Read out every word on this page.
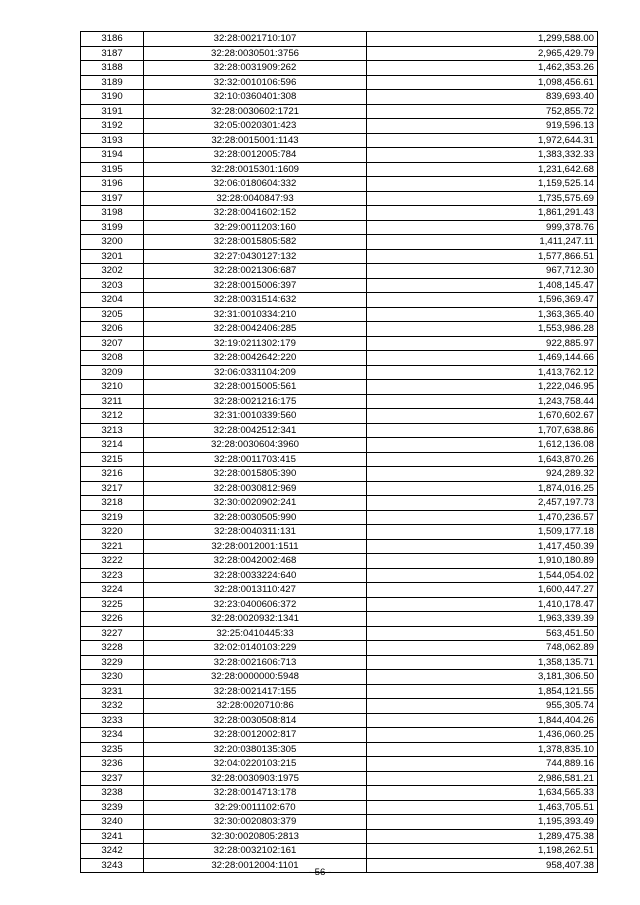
3186	32:28:0021710:107	1,299,588.00
3187	32:28:0030501:3756	2,965,429.79
3188	32:28:0031909:262	1,462,353.26
3189	32:32:0010106:596	1,098,456.61
3190	32:10:0360401:308	839,693.40
3191	32:28:0030602:1721	752,855.72
3192	32:05:0020301:423	919,596.13
3193	32:28:0015001:1143	1,972,644.31
3194	32:28:0012005:784	1,383,332.33
3195	32:28:0015301:1609	1,231,642.68
3196	32:06:0180604:332	1,159,525.14
3197	32:28:0040847:93	1,735,575.69
3198	32:28:0041602:152	1,861,291.43
3199	32:29:0011203:160	999,378.76
3200	32:28:0015805:582	1,411,247.11
3201	32:27:0430127:132	1,577,866.51
3202	32:28:0021306:687	967,712.30
3203	32:28:0015006:397	1,408,145.47
3204	32:28:0031514:632	1,596,369.47
3205	32:31:0010334:210	1,363,365.40
3206	32:28:0042406:285	1,553,986.28
3207	32:19:0211302:179	922,885.97
3208	32:28:0042642:220	1,469,144.66
3209	32:06:0331104:209	1,413,762.12
3210	32:28:0015005:561	1,222,046.95
3211	32:28:0021216:175	1,243,758.44
3212	32:31:0010339:560	1,670,602.67
3213	32:28:0042512:341	1,707,638.86
3214	32:28:0030604:3960	1,612,136.08
3215	32:28:0011703:415	1,643,870.26
3216	32:28:0015805:390	924,289.32
3217	32:28:0030812:969	1,874,016.25
3218	32:30:0020902:241	2,457,197.73
3219	32:28:0030505:990	1,470,236.57
3220	32:28:0040311:131	1,509,177.18
3221	32:28:0012001:1511	1,417,450.39
3222	32:28:0042002:468	1,910,180.89
3223	32:28:0033224:640	1,544,054.02
3224	32:28:0013110:427	1,600,447.27
3225	32:23:0400606:372	1,410,178.47
3226	32:28:0020932:1341	1,963,339.39
3227	32:25:0410445:33	563,451.50
3228	32:02:0140103:229	748,062.89
3229	32:28:0021606:713	1,358,135.71
3230	32:28:0000000:5948	3,181,306.50
3231	32:28:0021417:155	1,854,121.55
3232	32:28:0020710:86	955,305.74
3233	32:28:0030508:814	1,844,404.26
3234	32:28:0012002:817	1,436,060.25
3235	32:20:0380135:305	1,378,835.10
3236	32:04:0220103:215	744,889.16
3237	32:28:0030903:1975	2,986,581.21
3238	32:28:0014713:178	1,634,565.33
3239	32:29:0011102:670	1,463,705.51
3240	32:30:0020803:379	1,195,393.49
3241	32:30:0020805:2813	1,289,475.38
3242	32:28:0032102:161	1,198,262.51
3243	32:28:0012004:1101	958,407.38
- 56 -
